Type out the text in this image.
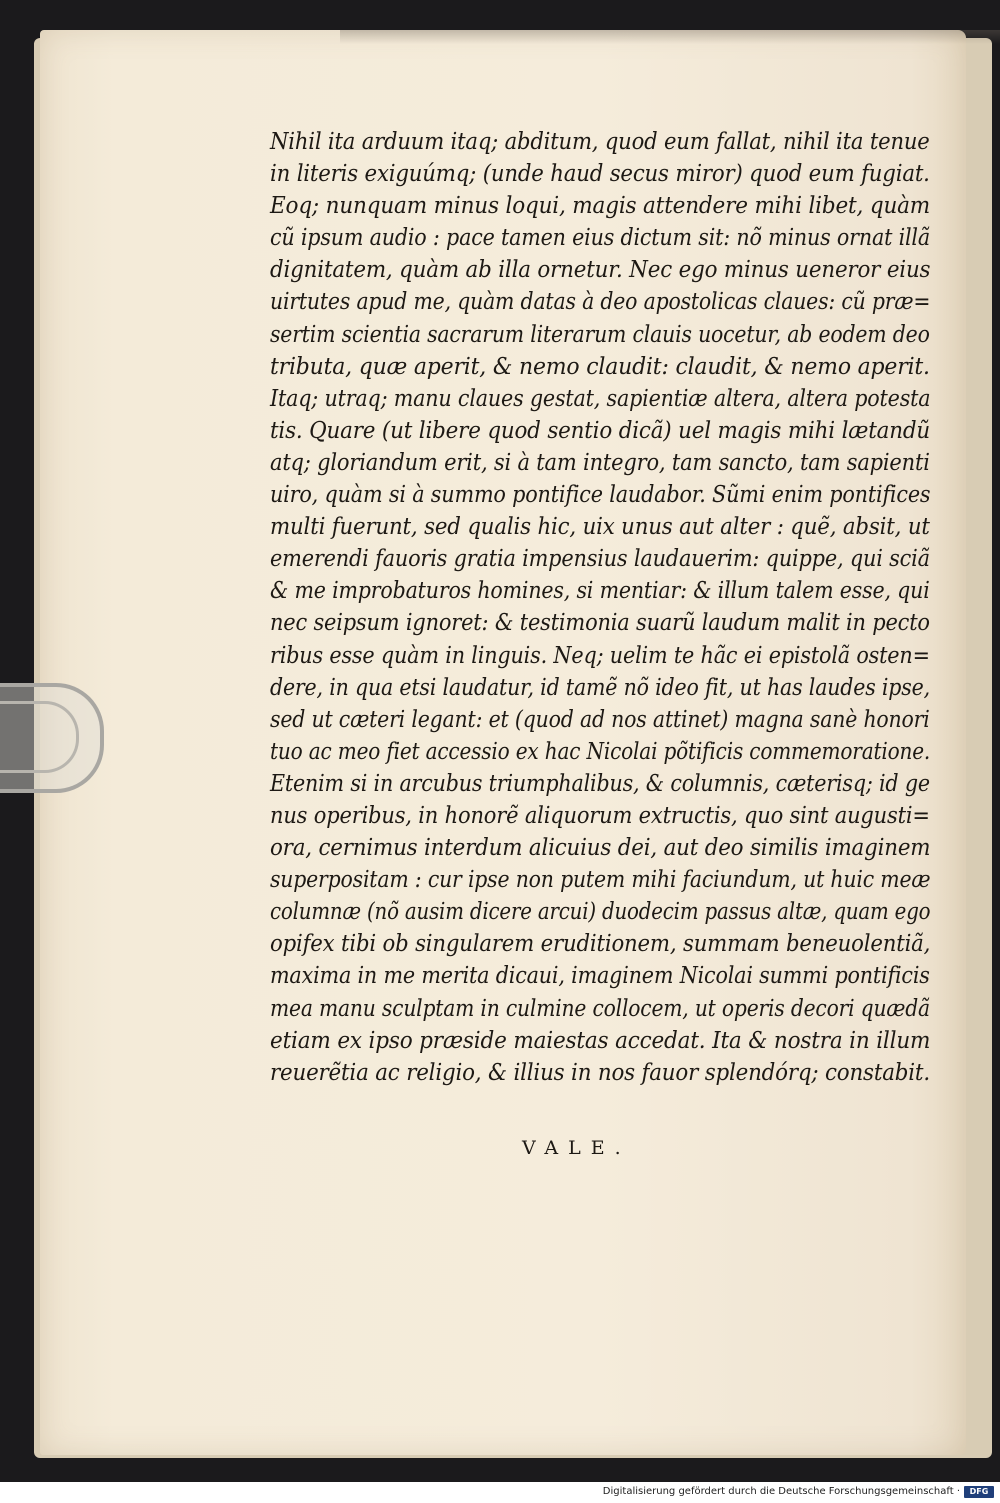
Nihil ita arduum itaq; abditum, quod eum fallat, nihil ita tenue
in literis exiguúmq; (unde haud secus miror) quod eum fugiat.
Eoq; nunquam minus loqui, magis attendere mihi libet, quàm
cũ ipsum audio : pace tamen eius dictum sit: nõ minus ornat illã
dignitatem, quàm ab illa ornetur. Nec ego minus ueneror eius
uirtutes apud me, quàm datas à deo apostolicas claues: cũ præ=
sertim scientia sacrarum literarum clauis uocetur, ab eodem deo
tributa, quæ aperit, & nemo claudit: claudit, & nemo aperit.
Itaq; utraq; manu claues gestat, sapientiæ altera, altera potesta
tis. Quare (ut libere quod sentio dicã) uel magis mihi lætandũ
atq; gloriandum erit, si à tam integro, tam sancto, tam sapienti
uiro, quàm si à summo pontifice laudabor. Sũmi enim pontifices
multi fuerunt, sed qualis hic, uix unus aut alter : quẽ, absit, ut
emerendi fauoris gratia impensius laudauerim: quippe, qui sciã
& me improbaturos homines, si mentiar: & illum talem esse, qui
nec seipsum ignoret: & testimonia suarũ laudum malit in pecto
ribus esse quàm in linguis. Neq; uelim te hãc ei epistolã osten=
dere, in qua etsi laudatur, id tamẽ nõ ideo fit, ut has laudes ipse,
sed ut cæteri legant: et (quod ad nos attinet) magna sanè honori
tuo ac meo fiet accessio ex hac Nicolai põtificis commemoratione.
Etenim si in arcubus triumphalibus, & columnis, cæterisq; id ge
nus operibus, in honorẽ aliquorum extructis, quo sint augusti=
ora, cernimus interdum alicuius dei, aut deo similis imaginem
superpositam : cur ipse non putem mihi faciundum, ut huic meæ
columnæ (nõ ausim dicere arcui) duodecim passus altæ, quam ego
opifex tibi ob singularem eruditionem, summam beneuolentiã,
maxima in me merita dicaui, imaginem Nicolai summi pontificis
mea manu sculptam in culmine collocem, ut operis decori quædã
etiam ex ipso præside maiestas accedat. Ita & nostra in illum
reuerẽtia ac religio, & illius in nos fauor splendórq; constabit.
VALE.
Digitalisierung gefördert durch die Deutsche Forschungsgemeinschaft ·	DFG
